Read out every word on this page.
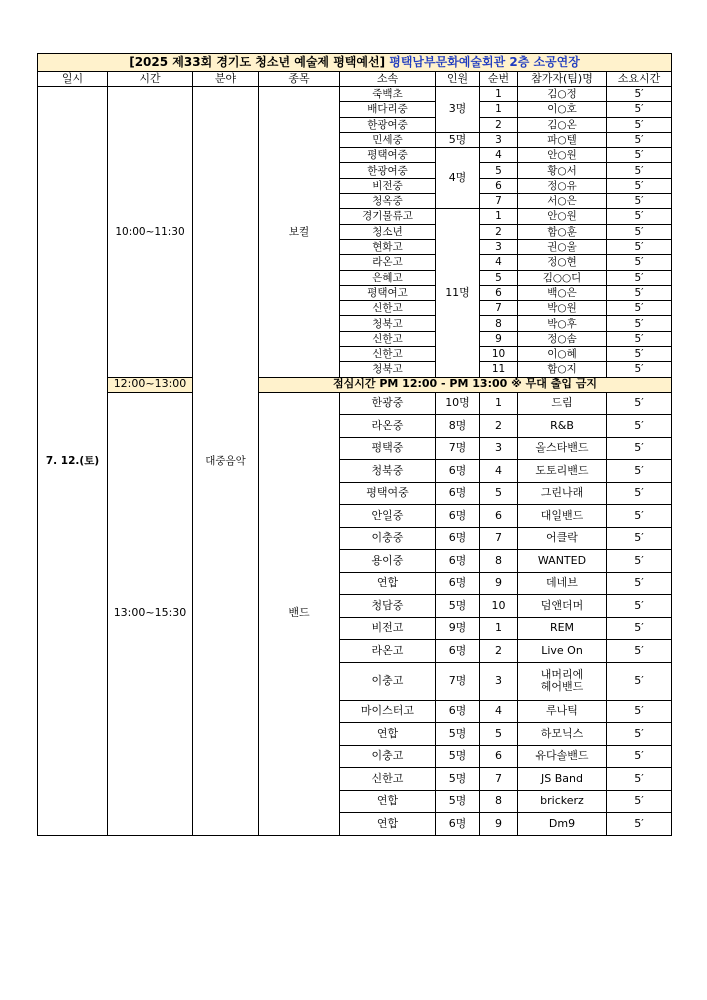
[2025 제33회 경기도 청소년 예술제 평택예선] 평택남부문화예술회관 2층 소공연장								
일시	시간	분야	종목	소속	인원	순번	참가자(팀)명	소요시간
7. 12.(토)	10:00~11:30	대중음악	보컬	죽백초	3명	1	김○정	5′
				배다리중		1	이○호	5′
				한광여중		2	김○온	5′
				민세중	5명	3	파○텔	5′
				평택여중	4명	4	안○원	5′
				한광여중		5	황○서	5′
				비전중		6	정○유	5′
				청옥중		7	서○은	5′
				경기물류고	11명	1	안○원	5′
				청소년		2	함○훈	5′
				현화고		3	권○울	5′
				라온고		4	정○현	5′
				은혜고		5	김○○디	5′
				평택여고		6	백○은	5′
				신한고		7	박○원	5′
				청북고		8	박○후	5′
				신한고		9	정○솜	5′
				신한고		10	이○혜	5′
				청북고		11	함○지	5′
	12:00~13:00		점심시간 PM 12:00 - PM 13:00 ※ 무대 출입 금지					
	13:00~15:30		밴드	한광중	10명	1	드림	5′
				라온중	8명	2	R&B	5′
				평택중	7명	3	올스타밴드	5′
				청북중	6명	4	도토리밴드	5′
				평택여중	6명	5	그린나래	5′
				안일중	6명	6	대일밴드	5′
				이충중	6명	7	어클락	5′
				용이중	6명	8	WANTED	5′
				연합	6명	9	데네브	5′
				청담중	5명	10	덤앤더머	5′
				비전고	9명	1	REM	5′
				라온고	6명	2	Live On	5′
				이충고	7명	3	내머리에
헤어밴드	5′
				마이스터고	6명	4	루나틱	5′
				연합	5명	5	하모닉스	5′
				이충고	5명	6	유다솔밴드	5′
				신한고	5명	7	JS Band	5′
				연합	5명	8	brickerz	5′
				연합	6명	9	Dm9	5′
